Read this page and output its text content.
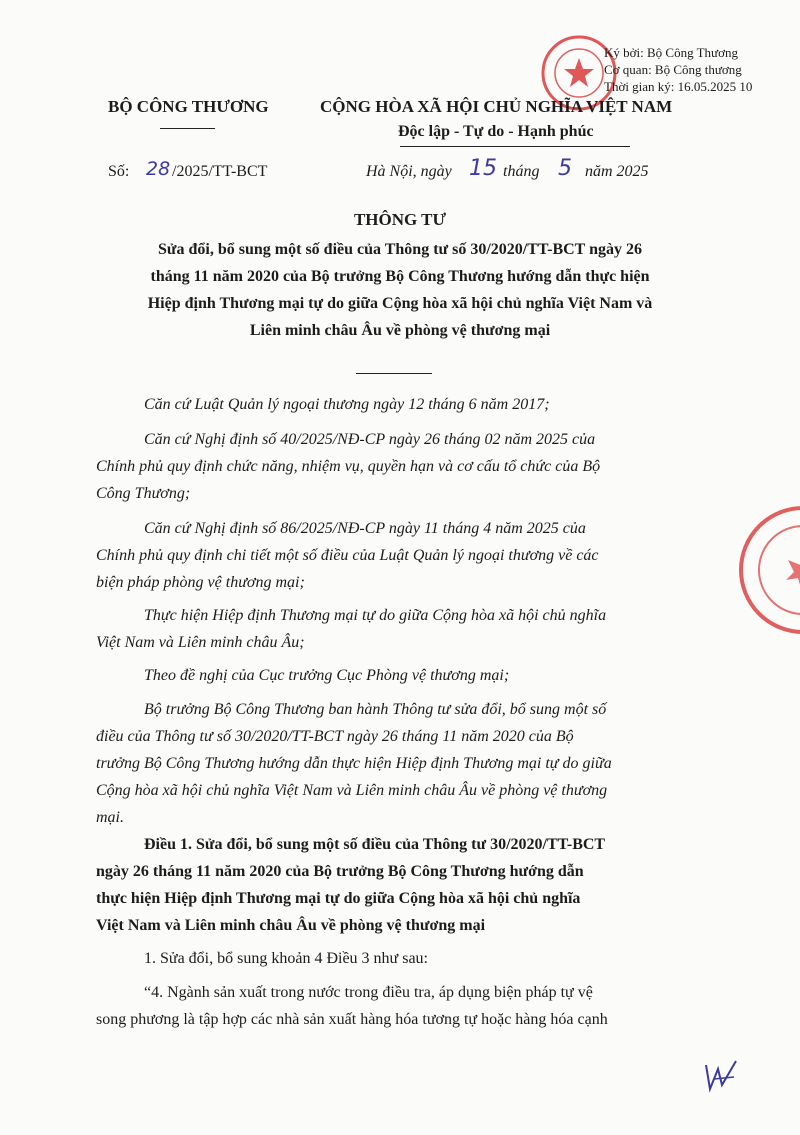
Ký bởi: Bộ Công Thương
Cơ quan: Bộ Công thương
Thời gian ký: 16.05.2025 10
BỘ CÔNG THƯƠNG	CỘNG HÒA XÃ HỘI CHỦ NGHĨA VIỆT NAM
Độc lập - Tự do - Hạnh phúc
Số: 28 /2025/TT-BCT	Hà Nội, ngày 15 tháng 5 năm 2025
THÔNG TƯ
Sửa đổi, bổ sung một số điều của Thông tư số 30/2020/TT-BCT ngày 26
tháng 11 năm 2020 của Bộ trưởng Bộ Công Thương hướng dẫn thực hiện
Hiệp định Thương mại tự do giữa Cộng hòa xã hội chủ nghĩa Việt Nam và
Liên minh châu Âu về phòng vệ thương mại
Căn cứ Luật Quản lý ngoại thương ngày 12 tháng 6 năm 2017;
Căn cứ Nghị định số 40/2025/NĐ-CP ngày 26 tháng 02 năm 2025 của
Chính phủ quy định chức năng, nhiệm vụ, quyền hạn và cơ cấu tổ chức của Bộ
Công Thương;
Căn cứ Nghị định số 86/2025/NĐ-CP ngày 11 tháng 4 năm 2025 của
Chính phủ quy định chi tiết một số điều của Luật Quản lý ngoại thương về các
biện pháp phòng vệ thương mại;
Thực hiện Hiệp định Thương mại tự do giữa Cộng hòa xã hội chủ nghĩa
Việt Nam và Liên minh châu Âu;
Theo đề nghị của Cục trưởng Cục Phòng vệ thương mại;
Bộ trưởng Bộ Công Thương ban hành Thông tư sửa đổi, bổ sung một số
điều của Thông tư số 30/2020/TT-BCT ngày 26 tháng 11 năm 2020 của Bộ
trưởng Bộ Công Thương hướng dẫn thực hiện Hiệp định Thương mại tự do giữa
Cộng hòa xã hội chủ nghĩa Việt Nam và Liên minh châu Âu về phòng vệ thương
mại.
Điều 1. Sửa đổi, bổ sung một số điều của Thông tư 30/2020/TT-BCT
ngày 26 tháng 11 năm 2020 của Bộ trưởng Bộ Công Thương hướng dẫn
thực hiện Hiệp định Thương mại tự do giữa Cộng hòa xã hội chủ nghĩa
Việt Nam và Liên minh châu Âu về phòng vệ thương mại
1. Sửa đổi, bổ sung khoản 4 Điều 3 như sau:
“4. Ngành sản xuất trong nước trong điều tra, áp dụng biện pháp tự vệ
song phương là tập hợp các nhà sản xuất hàng hóa tương tự hoặc hàng hóa cạnh
